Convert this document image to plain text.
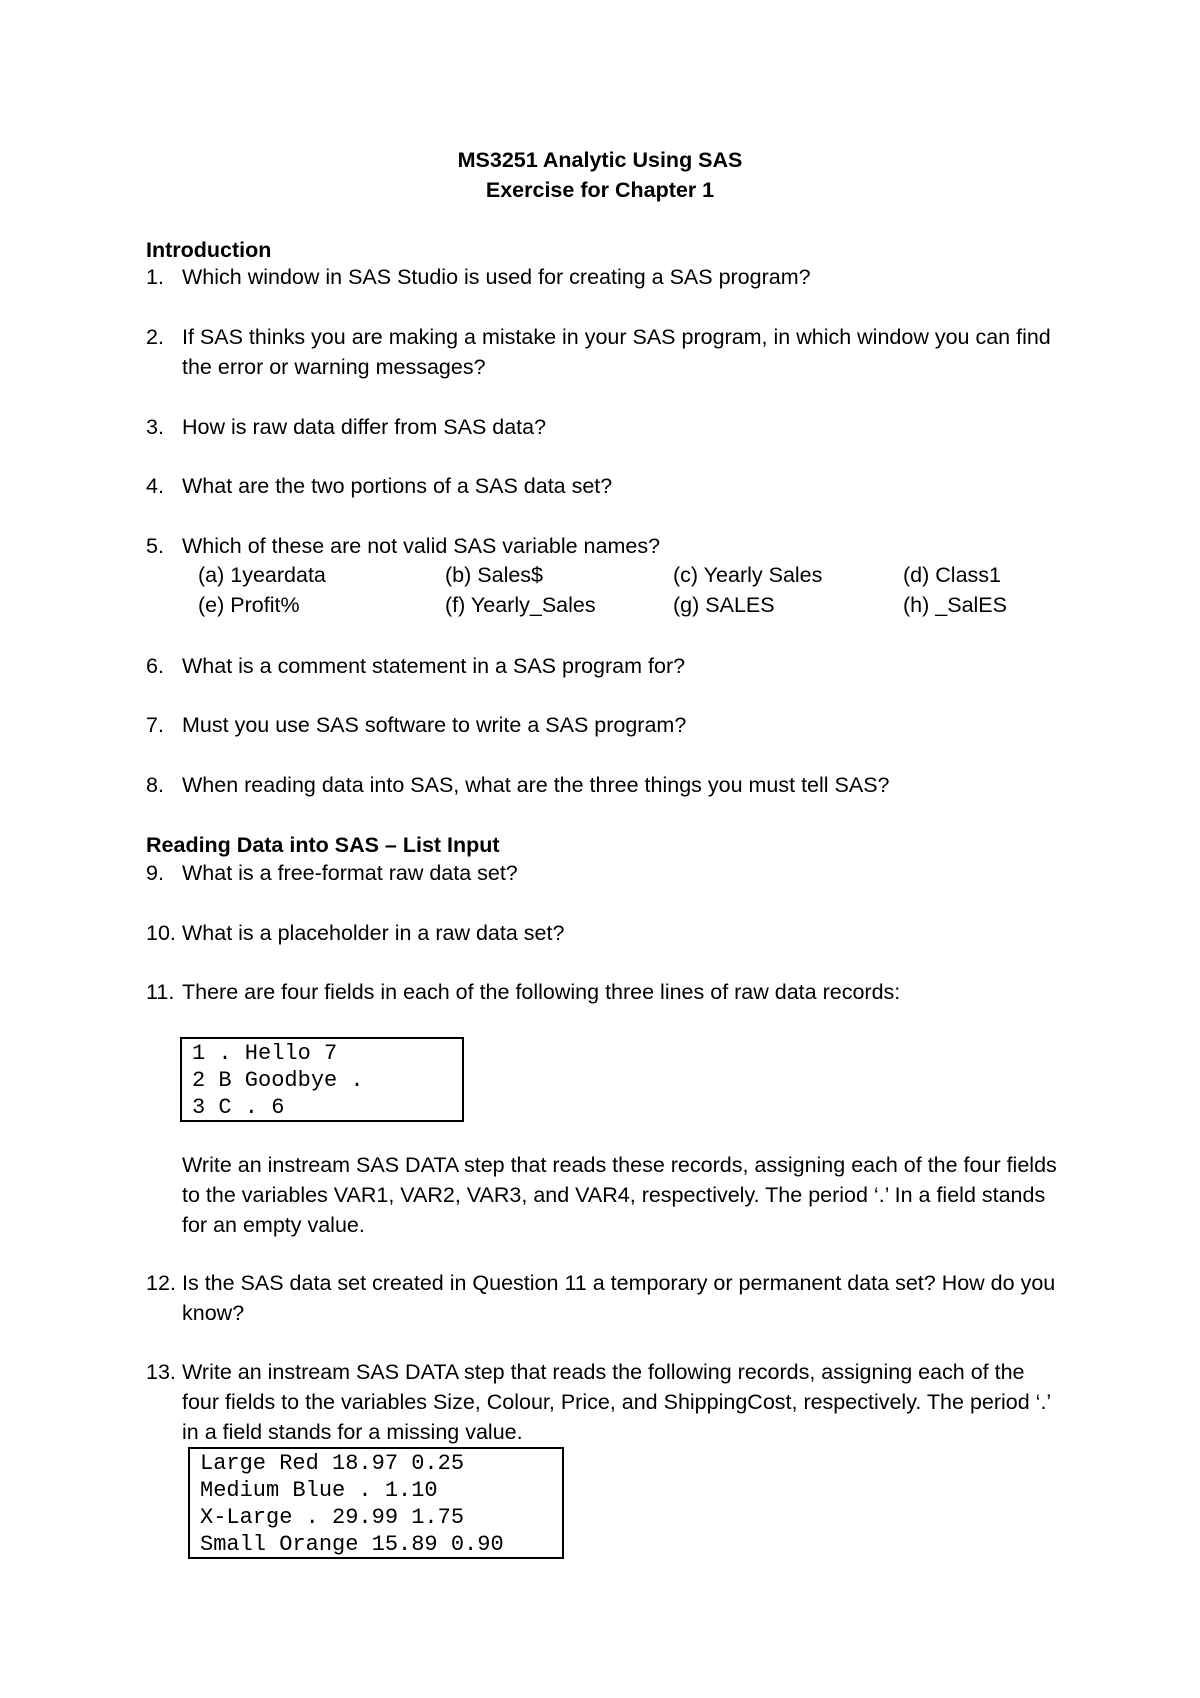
MS3251 Analytic Using SAS
Exercise for Chapter 1
Introduction
1. Which window in SAS Studio is used for creating a SAS program?
2. If SAS thinks you are making a mistake in your SAS program, in which window you can find the error or warning messages?
3. How is raw data differ from SAS data?
4. What are the two portions of a SAS data set?
5. Which of these are not valid SAS variable names?
(a) 1yeardata	(b) Sales$	(c) Yearly Sales	(d) Class1
(e) Profit%	(f) Yearly_Sales	(g) SALES	(h) _SalES
6. What is a comment statement in a SAS program for?
7. Must you use SAS software to write a SAS program?
8. When reading data into SAS, what are the three things you must tell SAS?
Reading Data into SAS – List Input
9. What is a free-format raw data set?
10. What is a placeholder in a raw data set?
11. There are four fields in each of the following three lines of raw data records:
1 . Hello 7
2 B Goodbye .
3 C . 6
Write an instream SAS DATA step that reads these records, assigning each of the four fields to the variables VAR1, VAR2, VAR3, and VAR4, respectively. The period ‘.’ In a field stands for an empty value.
12. Is the SAS data set created in Question 11 a temporary or permanent data set? How do you know?
13. Write an instream SAS DATA step that reads the following records, assigning each of the four fields to the variables Size, Colour, Price, and ShippingCost, respectively. The period ‘.’ in a field stands for a missing value.
Large Red 18.97 0.25
Medium Blue . 1.10
X-Large . 29.99 1.75
Small Orange 15.89 0.90
